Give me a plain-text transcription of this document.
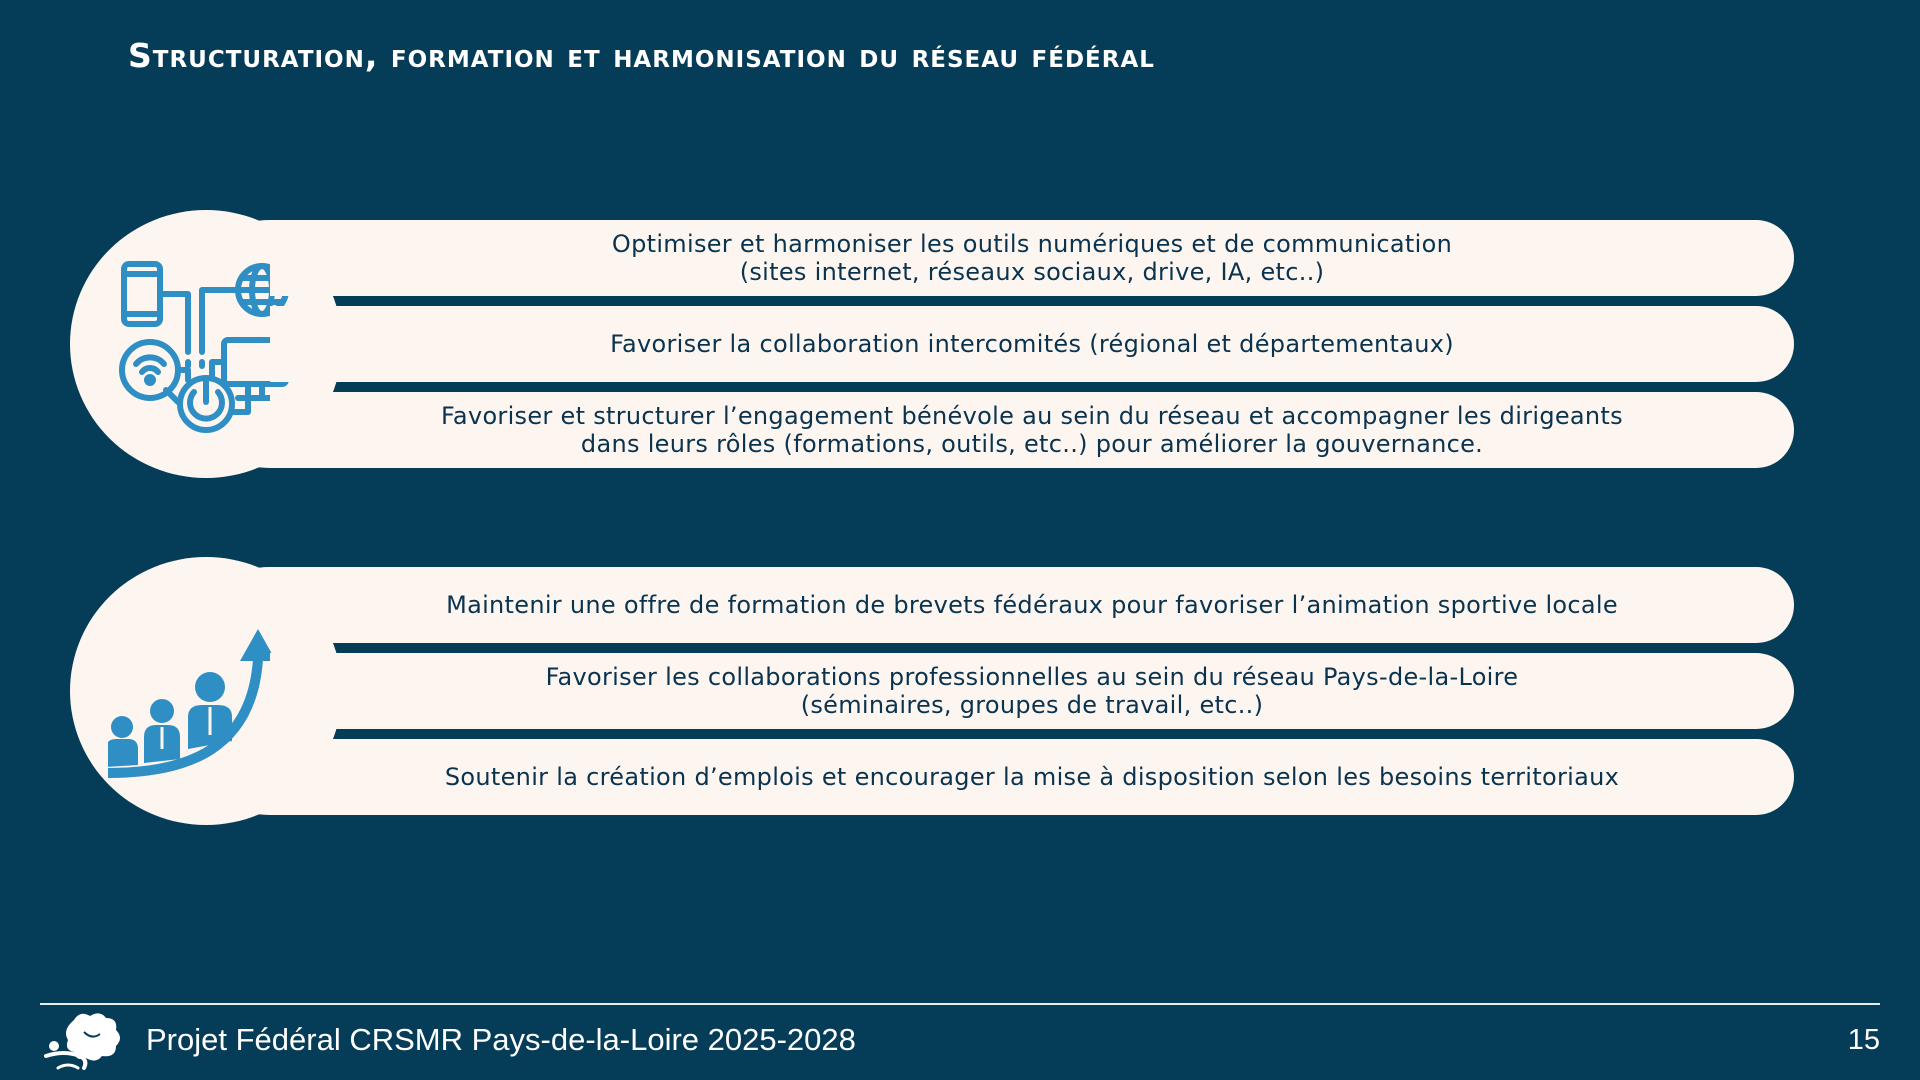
Structuration, formation et harmonisation du réseau fédéral
Optimiser et harmoniser les outils numériques et de communication
(sites internet, réseaux sociaux, drive, IA, etc..)
Favoriser la collaboration intercomités (régional et départementaux)
Favoriser et structurer l’engagement bénévole au sein du réseau et accompagner les dirigeants
dans leurs rôles (formations, outils, etc..) pour améliorer la gouvernance.
Maintenir une offre de formation de brevets fédéraux pour favoriser l’animation sportive locale
Favoriser les collaborations professionnelles au sein du réseau Pays-de-la-Loire
(séminaires, groupes de travail, etc..)
Soutenir la création d’emplois et encourager la mise à disposition selon les besoins territoriaux
Projet Fédéral CRSMR Pays-de-la-Loire 2025-2028	15
